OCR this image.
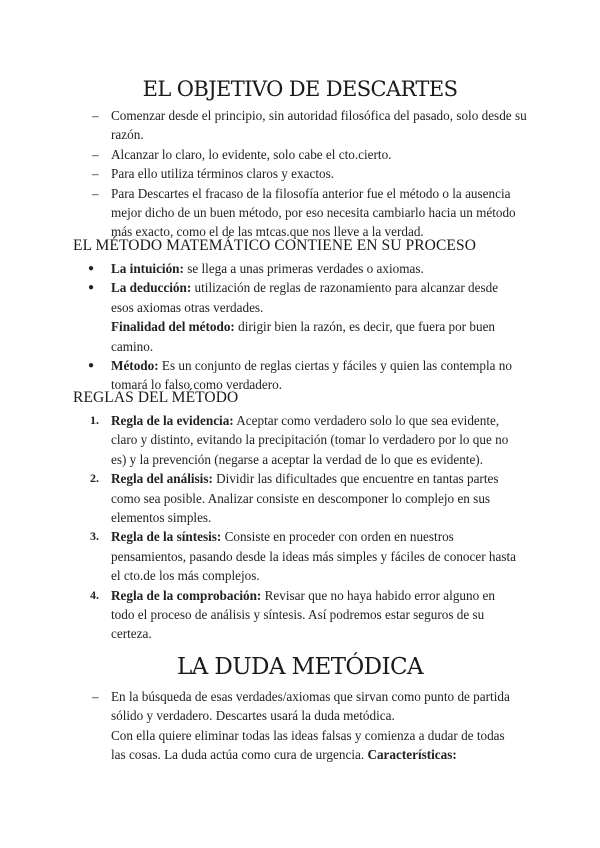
EL OBJETIVO DE DESCARTES

– Comenzar desde el principio, sin autoridad filosófica del pasado, solo desde su razón.

– Alcanzar lo claro, lo evidente, solo cabe el cto.cierto.

– Para ello utiliza términos claros y exactos.

– Para Descartes el fracaso de la filosofía anterior fue el método o la ausencia mejor dicho de un buen método, por eso necesita cambiarlo hacia un método más exacto, como el de las mtcas.que nos lleve a la verdad.

EL MÉTODO MATEMÁTICO CONTIENE EN SU PROCESO

● La intuición: se llega a unas primeras verdades o axiomas.

● La deducción: utilización de reglas de razonamiento para alcanzar desde esos axiomas otras verdades.

Finalidad del método: dirigir bien la razón, es decir, que fuera por buen camino.

● Método: Es un conjunto de reglas ciertas y fáciles y quien las contempla no tomará lo falso como verdadero.

REGLAS DEL MÉTODO

1. Regla de la evidencia: Aceptar como verdadero solo lo que sea evidente, claro y distinto, evitando la precipitación (tomar lo verdadero por lo que no es) y la prevención (negarse a aceptar la verdad de lo que es evidente).

2. Regla del análisis: Dividir las dificultades que encuentre en tantas partes como sea posible. Analizar consiste en descomponer lo complejo en sus elementos simples.

3. Regla de la síntesis: Consiste en proceder con orden en nuestros pensamientos, pasando desde la ideas más simples y fáciles de conocer hasta el cto.de los más complejos.

4. Regla de la comprobación: Revisar que no haya habido error alguno en todo el proceso de análisis y síntesis. Así podremos estar seguros de su certeza.

LA DUDA METÓDICA

– En la búsqueda de esas verdades/axiomas que sirvan como punto de partida sólido y verdadero. Descartes usará la duda metódica.

Con ella quiere eliminar todas las ideas falsas y comienza a dudar de todas las cosas. La duda actúa como cura de urgencia. Características:
